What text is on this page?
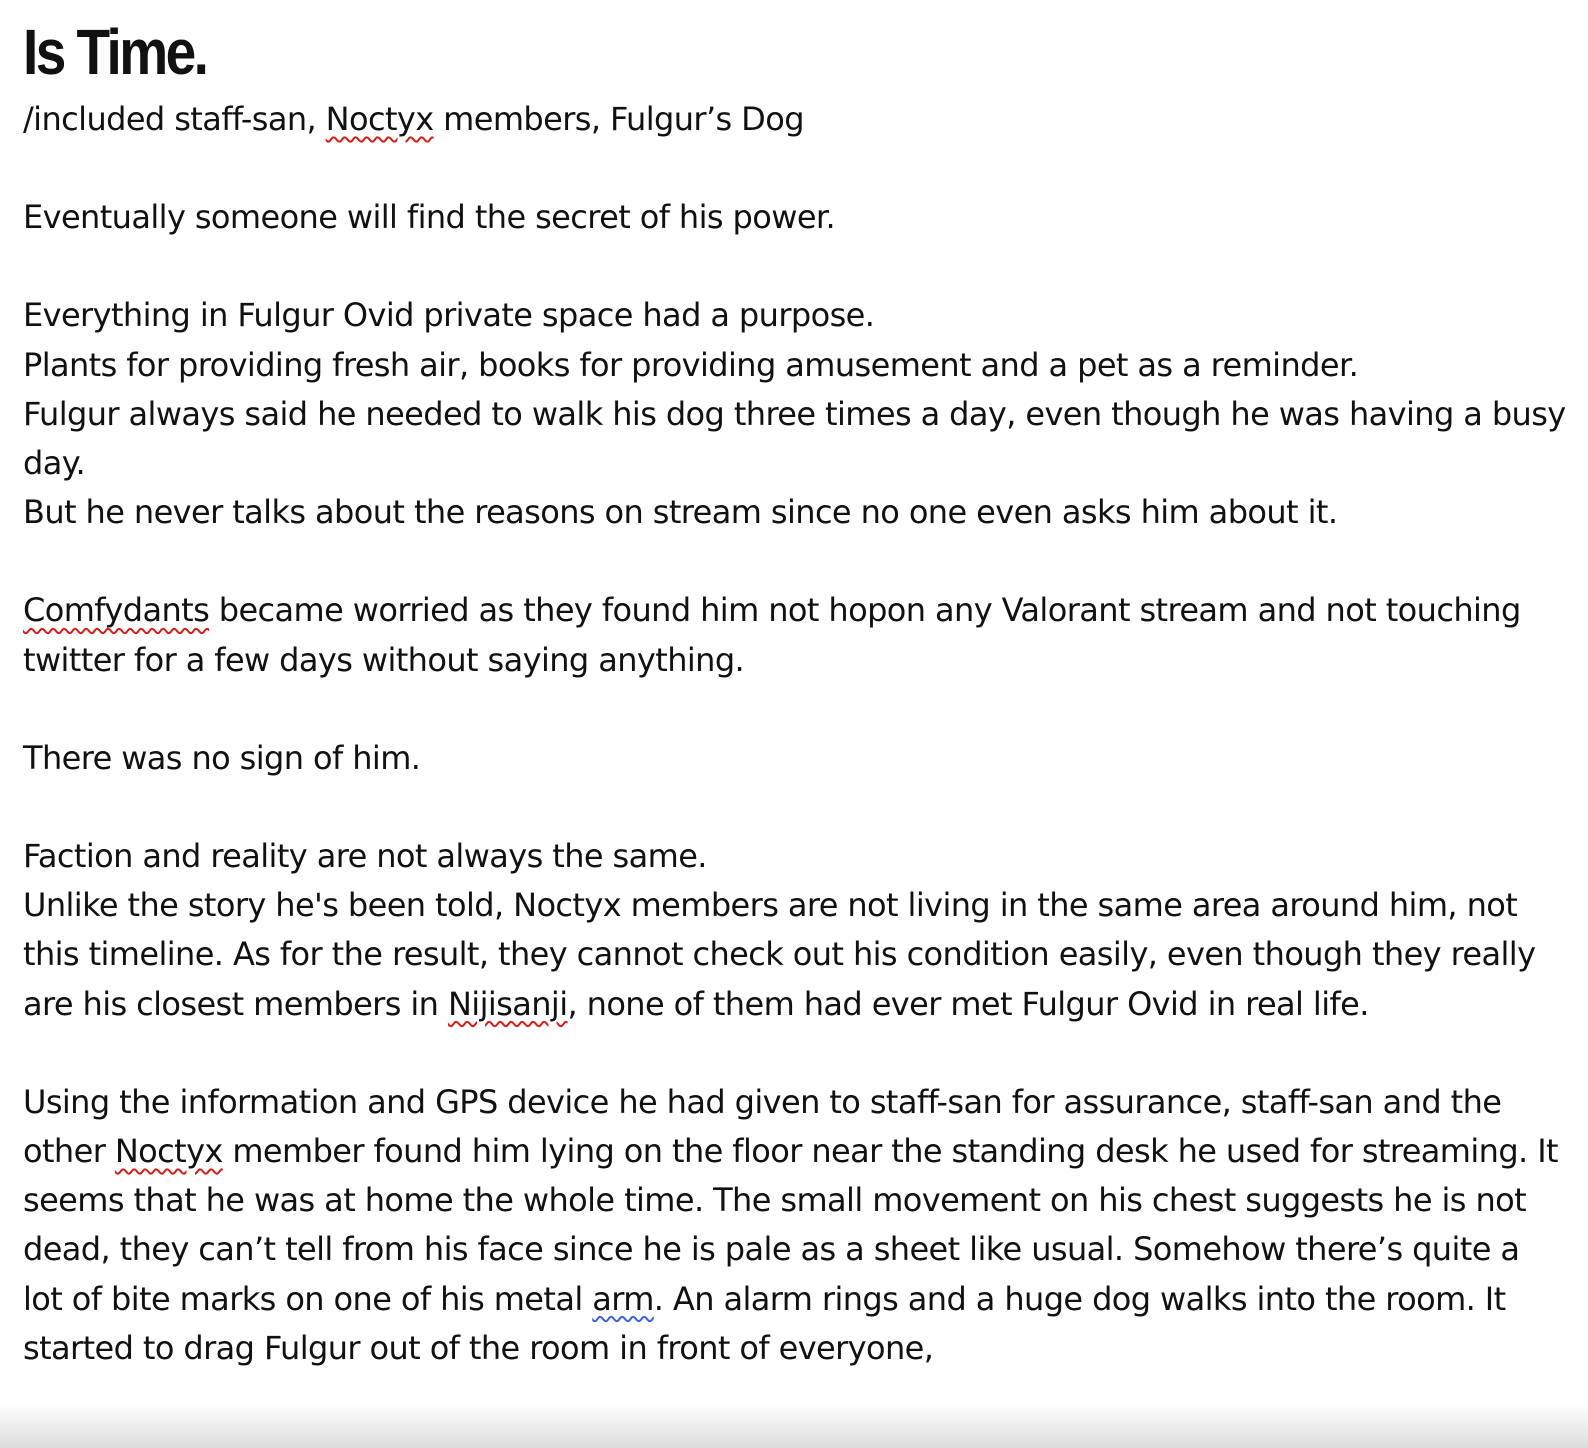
Is Time.

/included staff-san, Noctyx members, Fulgur’s Dog

Eventually someone will find the secret of his power.

Everything in Fulgur Ovid private space had a purpose.
Plants for providing fresh air, books for providing amusement and a pet as a reminder.
Fulgur always said he needed to walk his dog three times a day, even though he was having a busy day.
But he never talks about the reasons on stream since no one even asks him about it.

Comfydants became worried as they found him not hopon any Valorant stream and not touching twitter for a few days without saying anything.

There was no sign of him.

Faction and reality are not always the same.
Unlike the story he's been told, Noctyx members are not living in the same area around him, not this timeline. As for the result, they cannot check out his condition easily, even though they really are his closest members in Nijisanji, none of them had ever met Fulgur Ovid in real life.

Using the information and GPS device he had given to staff-san for assurance, staff-san and the other Noctyx member found him lying on the floor near the standing desk he used for streaming. It seems that he was at home the whole time. The small movement on his chest suggests he is not dead, they can’t tell from his face since he is pale as a sheet like usual. Somehow there’s quite a lot of bite marks on one of his metal arm. An alarm rings and a huge dog walks into the room. It started to drag Fulgur out of the room in front of everyone,
